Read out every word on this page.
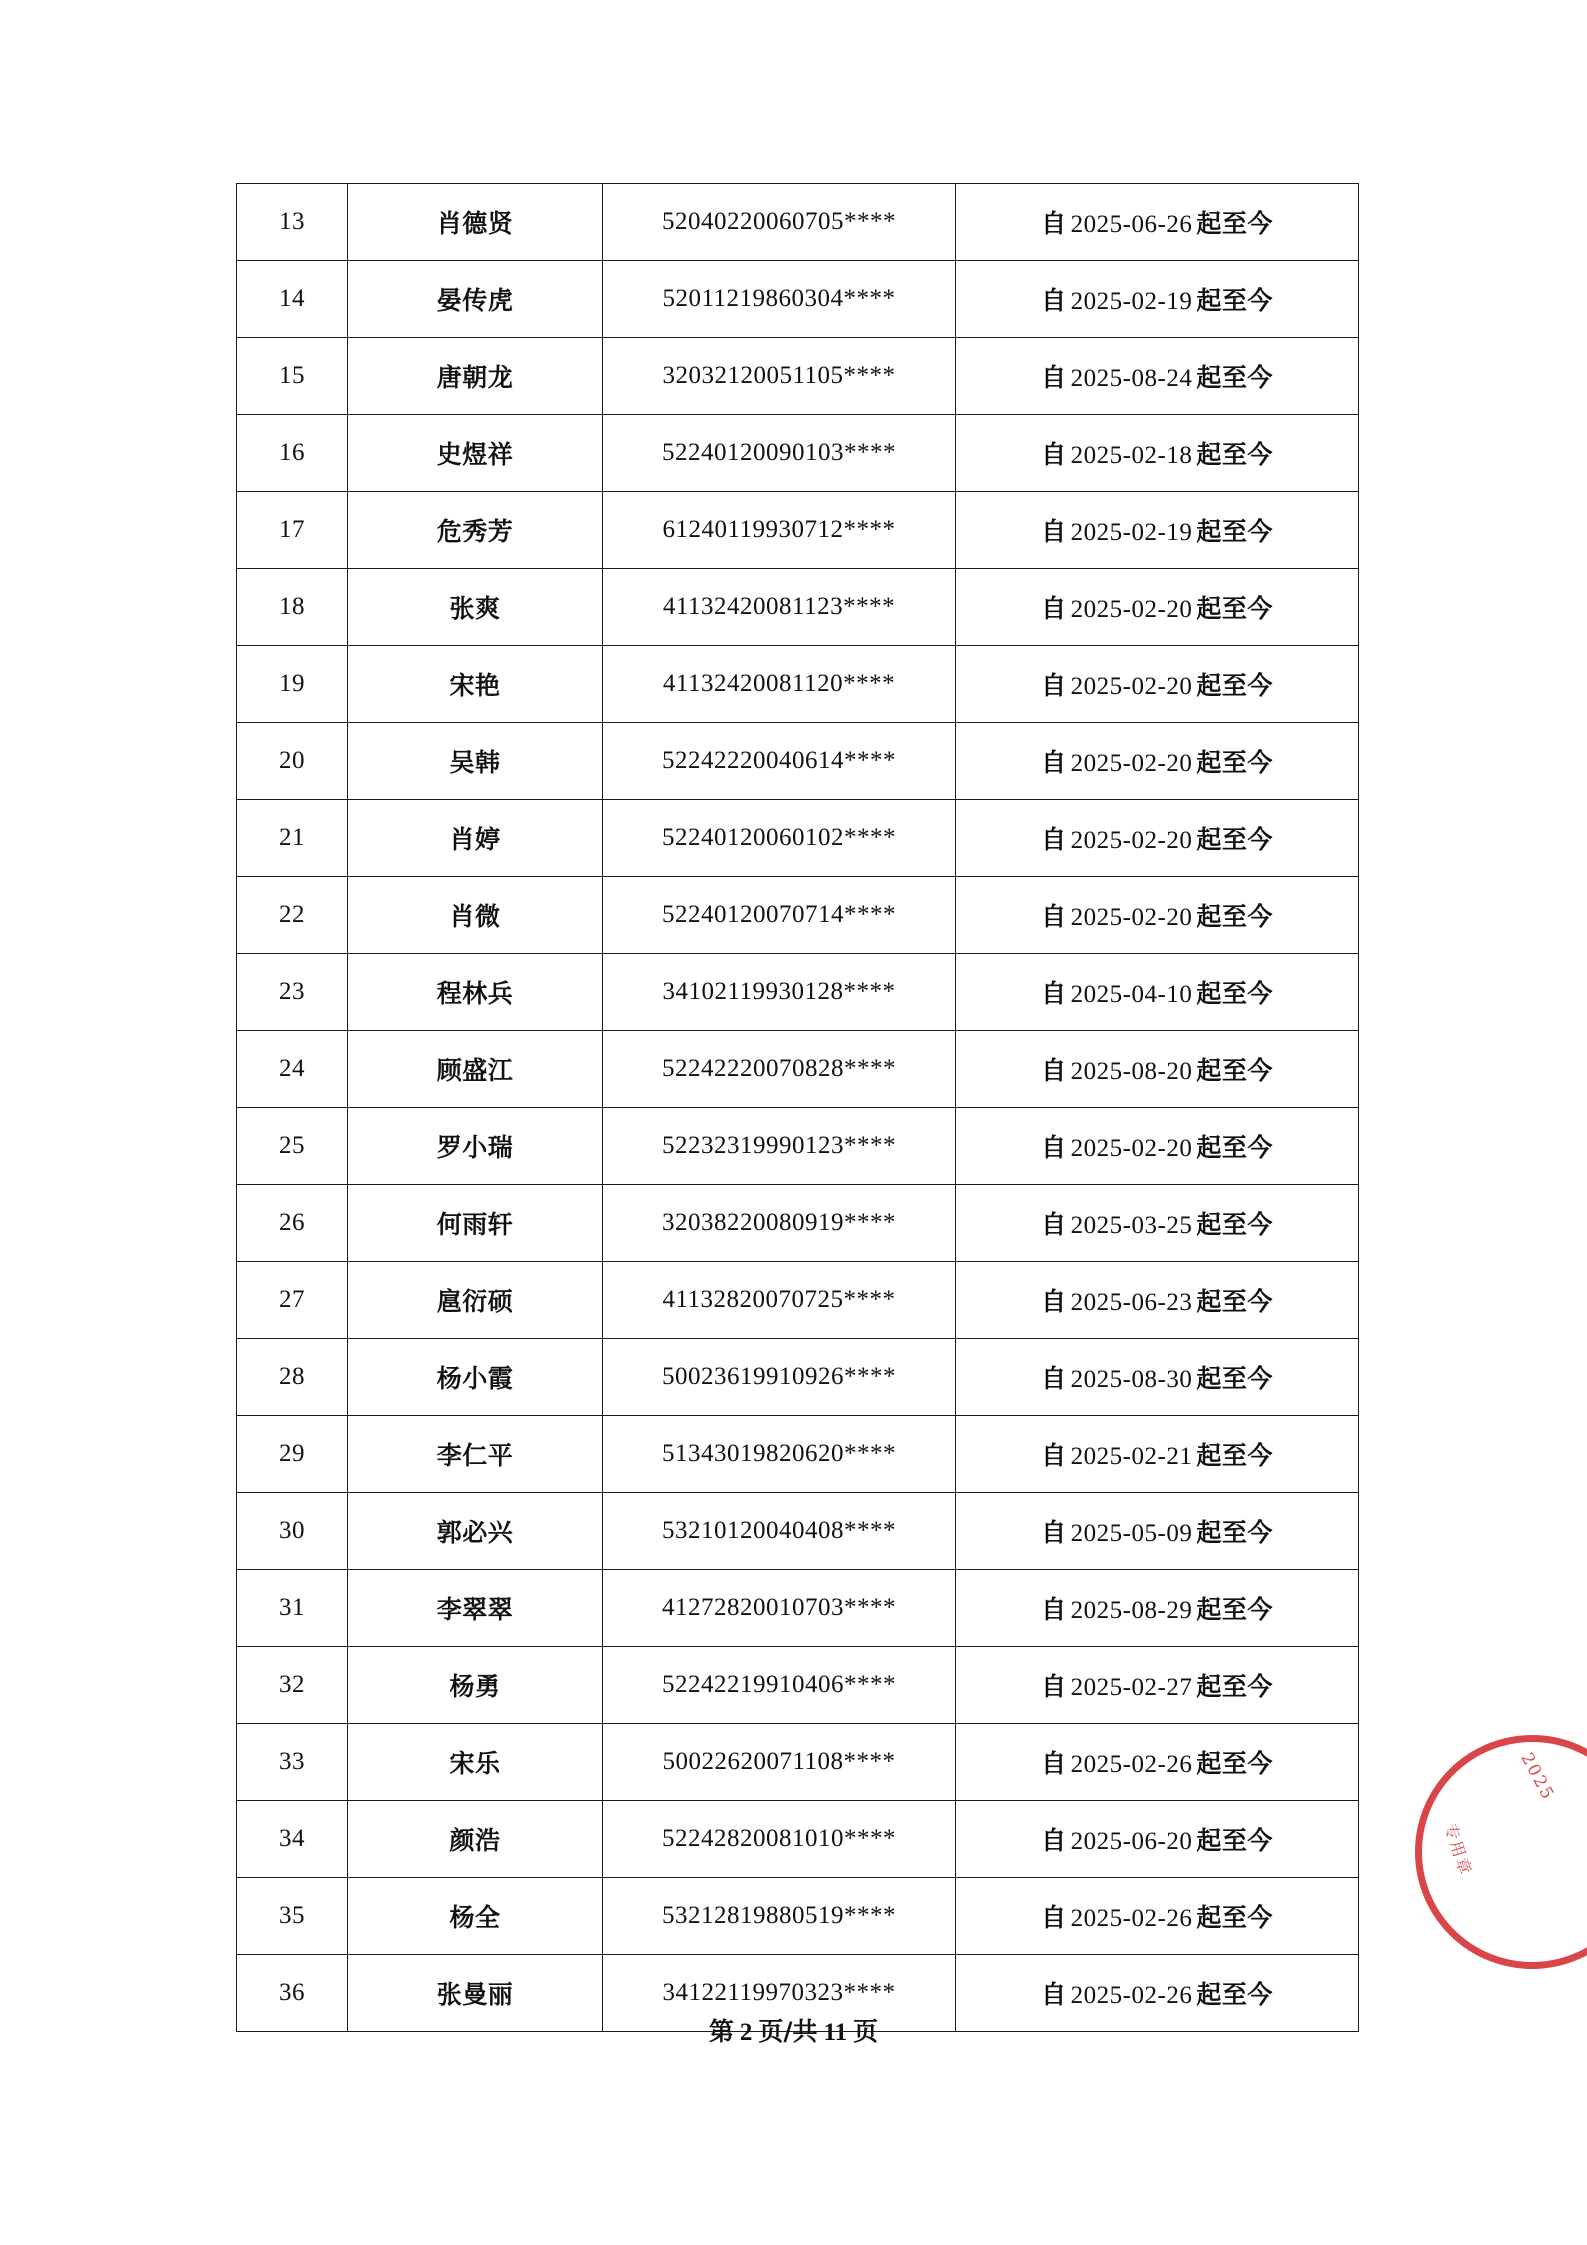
13	肖德贤	52040220060705****	自 2025-06-26 起至今
14	晏传虎	52011219860304****	自 2025-02-19 起至今
15	唐朝龙	32032120051105****	自 2025-08-24 起至今
16	史煜祥	52240120090103****	自 2025-02-18 起至今
17	危秀芳	61240119930712****	自 2025-02-19 起至今
18	张爽	41132420081123****	自 2025-02-20 起至今
19	宋艳	41132420081120****	自 2025-02-20 起至今
20	吴韩	52242220040614****	自 2025-02-20 起至今
21	肖婷	52240120060102****	自 2025-02-20 起至今
22	肖微	52240120070714****	自 2025-02-20 起至今
23	程林兵	34102119930128****	自 2025-04-10 起至今
24	顾盛江	52242220070828****	自 2025-08-20 起至今
25	罗小瑞	52232319990123****	自 2025-02-20 起至今
26	何雨轩	32038220080919****	自 2025-03-25 起至今
27	扈衍硕	41132820070725****	自 2025-06-23 起至今
28	杨小霞	50023619910926****	自 2025-08-30 起至今
29	李仁平	51343019820620****	自 2025-02-21 起至今
30	郭必兴	53210120040408****	自 2025-05-09 起至今
31	李翠翠	41272820010703****	自 2025-08-29 起至今
32	杨勇	52242219910406****	自 2025-02-27 起至今
33	宋乐	50022620071108****	自 2025-02-26 起至今
34	颜浩	52242820081010****	自 2025-06-20 起至今
35	杨全	53212819880519****	自 2025-02-26 起至今
36	张曼丽	34122119970323****	自 2025-02-26 起至今
第 2 页/共 11 页
2025
专用章
